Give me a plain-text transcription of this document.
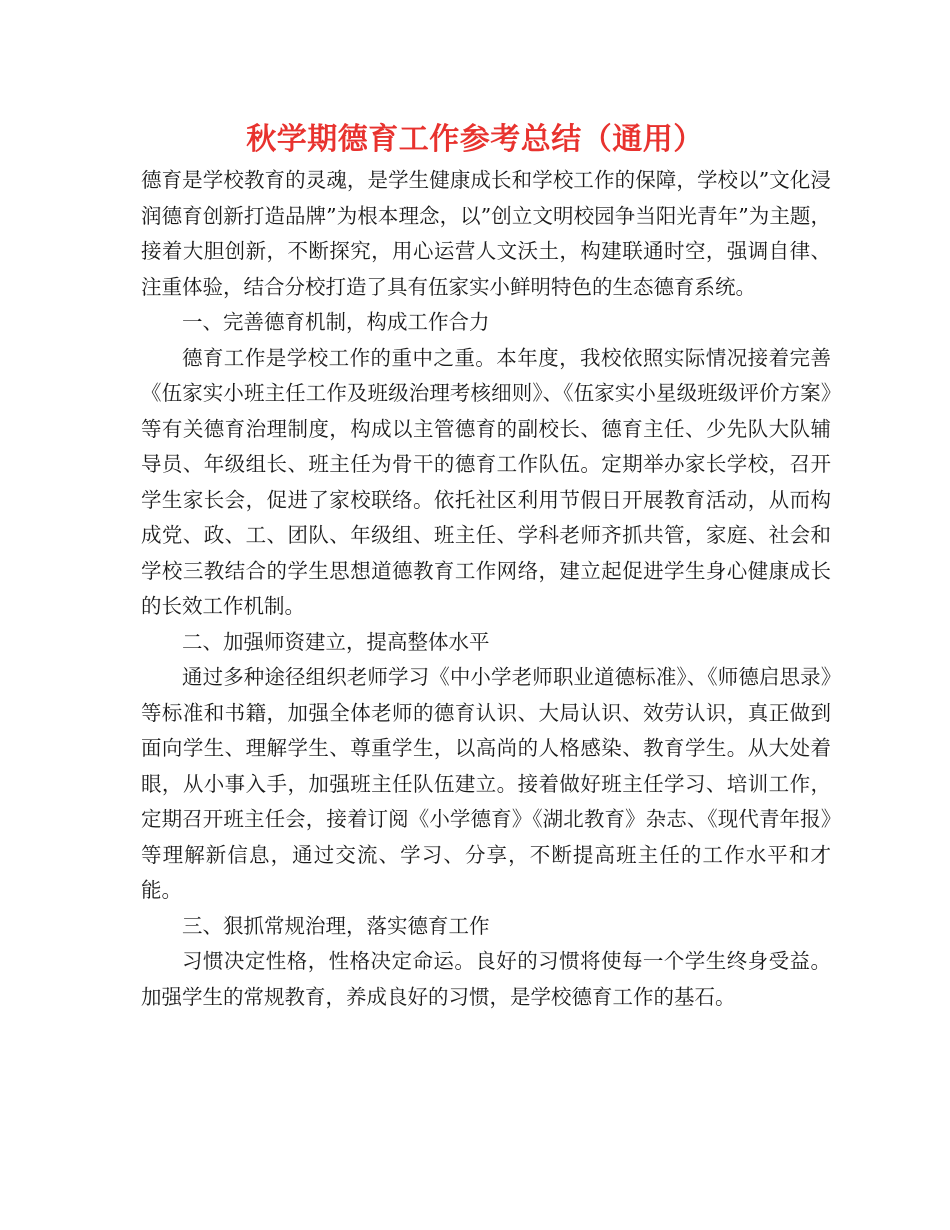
秋学期德育工作参考总结（通用）

德育是学校教育的灵魂，是学生健康成长和学校工作的保障，学校以”文化浸润德育创新打造品牌”为根本理念，以”创立文明校园争当阳光青年”为主题，接着大胆创新，不断探究，用心运营人文沃土，构建联通时空，强调自律、注重体验，结合分校打造了具有伍家实小鲜明特色的生态德育系统。

一、完善德育机制，构成工作合力

德育工作是学校工作的重中之重。本年度，我校依照实际情况接着完善《伍家实小班主任工作及班级治理考核细则》、《伍家实小星级班级评价方案》等有关德育治理制度，构成以主管德育的副校长、德育主任、少先队大队辅导员、年级组长、班主任为骨干的德育工作队伍。定期举办家长学校，召开学生家长会，促进了家校联络。依托社区利用节假日开展教育活动，从而构成党、政、工、团队、年级组、班主任、学科老师齐抓共管，家庭、社会和学校三教结合的学生思想道德教育工作网络，建立起促进学生身心健康成长的长效工作机制。

二、加强师资建立，提高整体水平

通过多种途径组织老师学习《中小学老师职业道德标准》、《师德启思录》等标准和书籍，加强全体老师的德育认识、大局认识、效劳认识，真正做到面向学生、理解学生、尊重学生，以高尚的人格感染、教育学生。从大处着眼，从小事入手，加强班主任队伍建立。接着做好班主任学习、培训工作，定期召开班主任会，接着订阅《小学德育》《湖北教育》杂志、《现代青年报》等理解新信息，通过交流、学习、分享，不断提高班主任的工作水平和才能。

三、狠抓常规治理，落实德育工作

习惯决定性格，性格决定命运。良好的习惯将使每一个学生终身受益。加强学生的常规教育，养成良好的习惯，是学校德育工作的基石。
